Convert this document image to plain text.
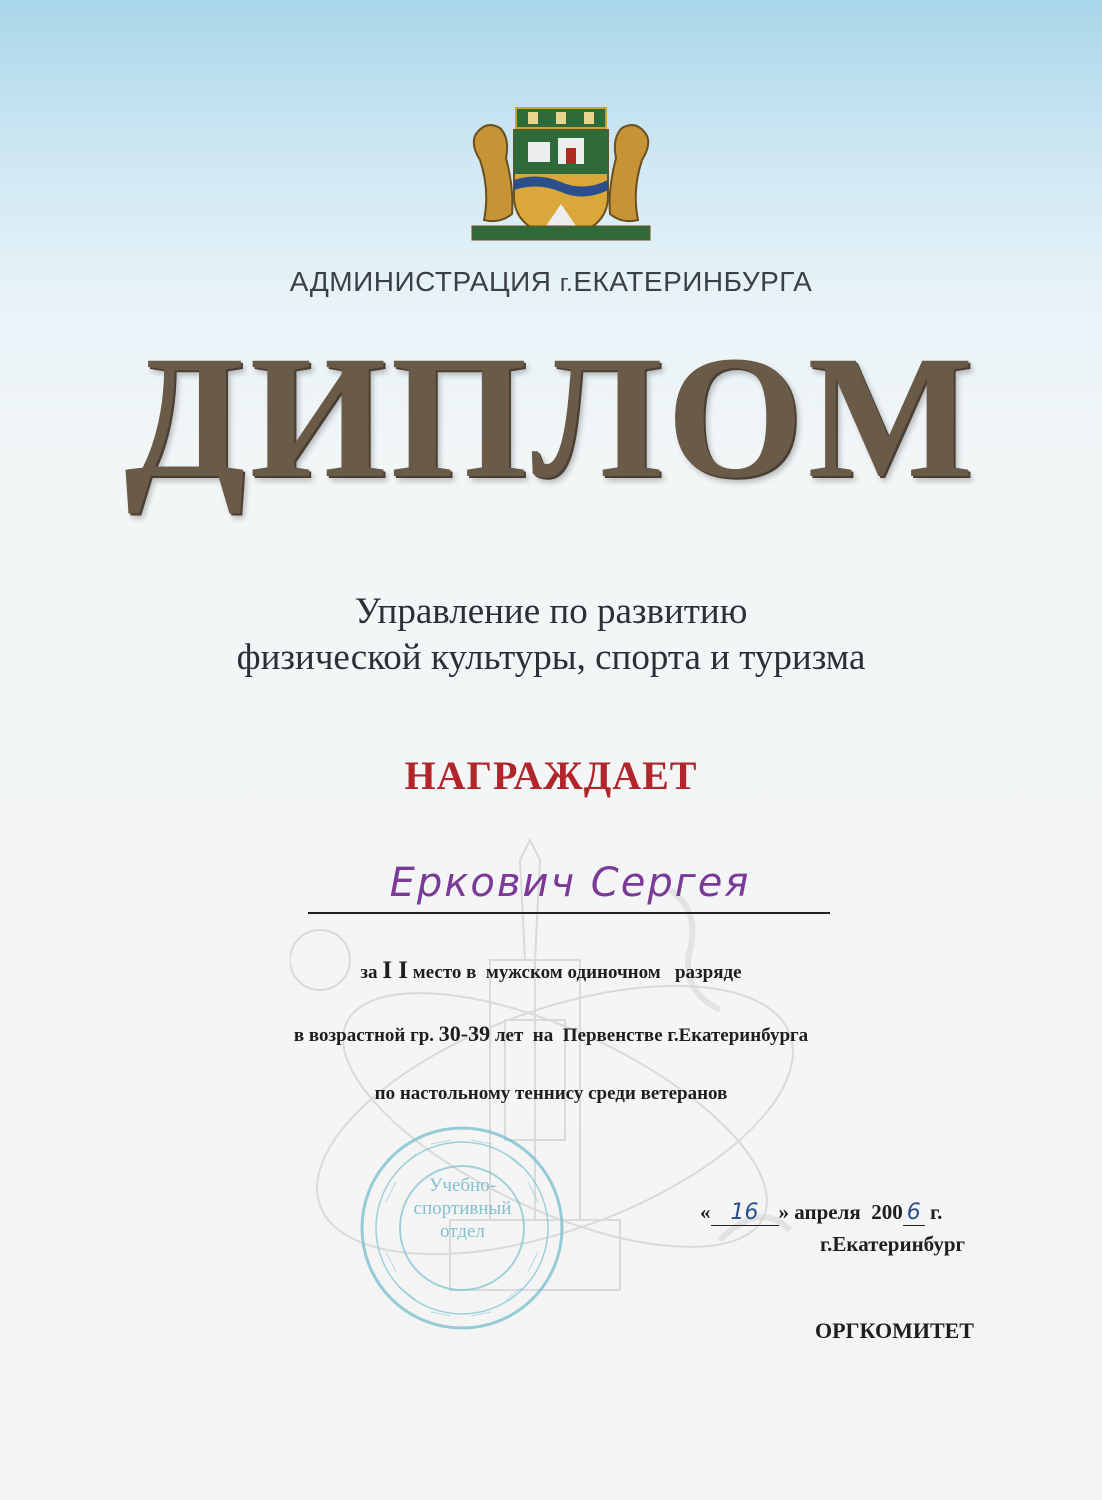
АДМИНИСТРАЦИЯ г.ЕКАТЕРИНБУРГА
ДИПЛОМ
Управление по развитию
физической культуры, спорта и туризма
НАГРАЖДАЕТ
Еркович Сергея
за I I место в  мужском одиночном   разряде
в возрастной гр. 30-39 лет  на  Первенстве г.Екатеринбурга
по настольному теннису среди ветеранов
Учебно-
спортивный
отдел
« 16 » апреля 200 6 г.
г.Екатеринбург
ОРГКОМИТЕТ
